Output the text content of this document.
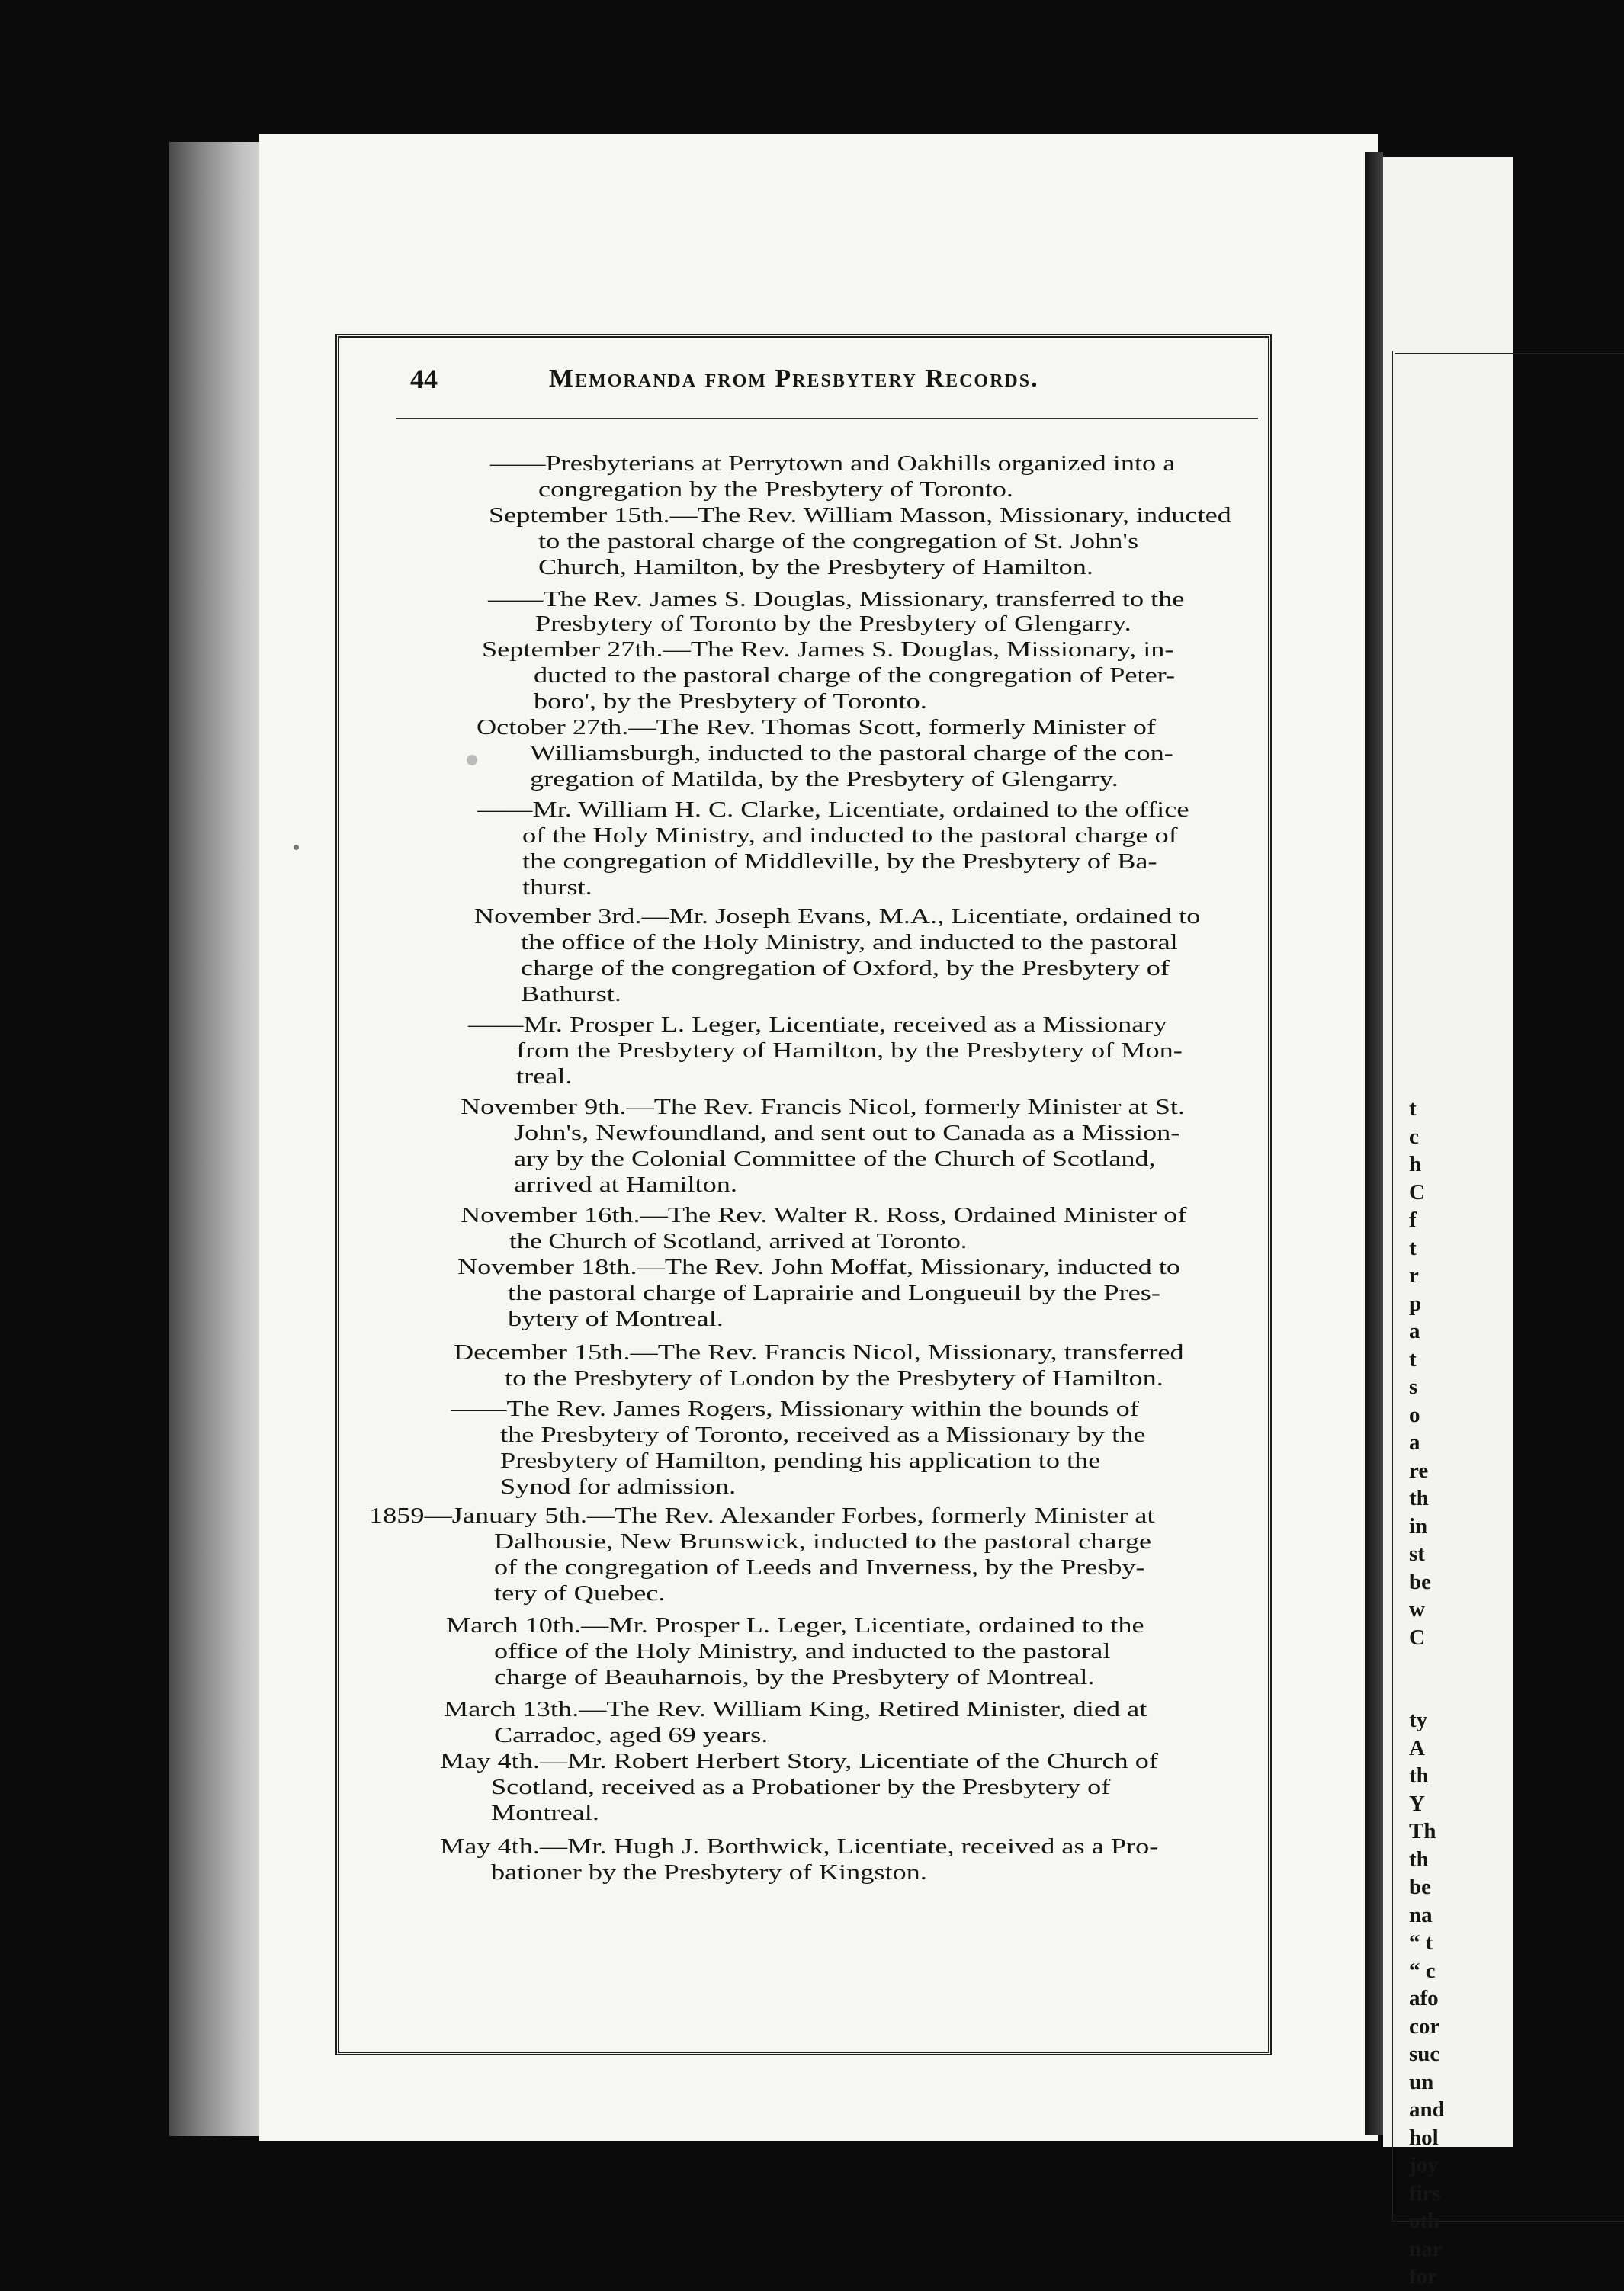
t
c
h
C
f
t
r
p
a
t
s
o
a
re
th
in
st
be
w
C
ty
A
th
Y
Th
th
be
na
“ t
“ c
afo
cor
suc
un
and
hol
joy
firs
oth
nar
for
44	Memoranda from Presbytery Records.
——Presbyterians at Perrytown and Oakhills organized into a
congregation by the Presbytery of Toronto.
September 15th.—The Rev. William Masson, Missionary, inducted
to the pastoral charge of the congregation of St. John's
Church, Hamilton, by the Presbytery of Hamilton.
——The Rev. James S. Douglas, Missionary, transferred to the
Presbytery of Toronto by the Presbytery of Glengarry.
September 27th.—The Rev. James S. Douglas, Missionary, in-
ducted to the pastoral charge of the congregation of Peter-
boro', by the Presbytery of Toronto.
October 27th.—The Rev. Thomas Scott, formerly Minister of
Williamsburgh, inducted to the pastoral charge of the con-
gregation of Matilda, by the Presbytery of Glengarry.
——Mr. William H. C. Clarke, Licentiate, ordained to the office
of the Holy Ministry, and inducted to the pastoral charge of
the congregation of Middleville, by the Presbytery of Ba-
thurst.
November 3rd.—Mr. Joseph Evans, M.A., Licentiate, ordained to
the office of the Holy Ministry, and inducted to the pastoral
charge of the congregation of Oxford, by the Presbytery of
Bathurst.
——Mr. Prosper L. Leger, Licentiate, received as a Missionary
from the Presbytery of Hamilton, by the Presbytery of Mon-
treal.
November 9th.—The Rev. Francis Nicol, formerly Minister at St.
John's, Newfoundland, and sent out to Canada as a Mission-
ary by the Colonial Committee of the Church of Scotland,
arrived at Hamilton.
November 16th.—The Rev. Walter R. Ross, Ordained Minister of
the Church of Scotland, arrived at Toronto.
November 18th.—The Rev. John Moffat, Missionary, inducted to
the pastoral charge of Laprairie and Longueuil by the Pres-
bytery of Montreal.
December 15th.—The Rev. Francis Nicol, Missionary, transferred
to the Presbytery of London by the Presbytery of Hamilton.
——The Rev. James Rogers, Missionary within the bounds of
the Presbytery of Toronto, received as a Missionary by the
Presbytery of Hamilton, pending his application to the
Synod for admission.
1859—January 5th.—The Rev. Alexander Forbes, formerly Minister at
Dalhousie, New Brunswick, inducted to the pastoral charge
of the congregation of Leeds and Inverness, by the Presby-
tery of Quebec.
March 10th.—Mr. Prosper L. Leger, Licentiate, ordained to the
office of the Holy Ministry, and inducted to the pastoral
charge of Beauharnois, by the Presbytery of Montreal.
March 13th.—The Rev. William King, Retired Minister, died at
Carradoc, aged 69 years.
May 4th.—Mr. Robert Herbert Story, Licentiate of the Church of
Scotland, received as a Probationer by the Presbytery of
Montreal.
May 4th.—Mr. Hugh J. Borthwick, Licentiate, received as a Pro-
bationer by the Presbytery of Kingston.
